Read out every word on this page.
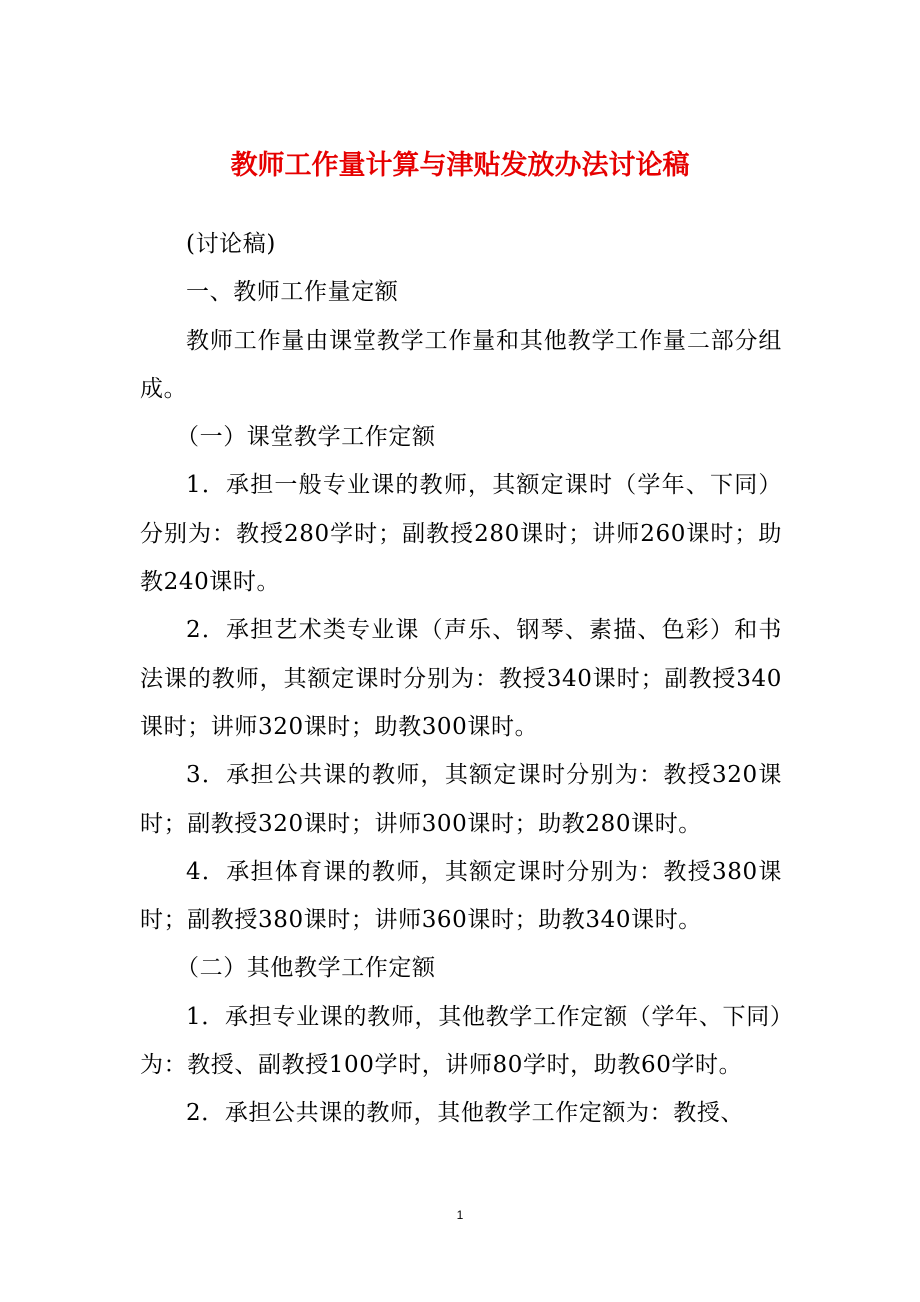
教师工作量计算与津贴发放办法讨论稿

(讨论稿)

一、教师工作量定额

教师工作量由课堂教学工作量和其他教学工作量二部分组成。

（一）课堂教学工作定额

1．承担一般专业课的教师，其额定课时（学年、下同）分别为：教授280学时；副教授280课时；讲师260课时；助教240课时。

2．承担艺术类专业课（声乐、钢琴、素描、色彩）和书法课的教师，其额定课时分别为：教授340课时；副教授340课时；讲师320课时；助教300课时。

3．承担公共课的教师，其额定课时分别为：教授320课时；副教授320课时；讲师300课时；助教280课时。

4．承担体育课的教师，其额定课时分别为：教授380课时；副教授380课时；讲师360课时；助教340课时。

（二）其他教学工作定额

1．承担专业课的教师，其他教学工作定额（学年、下同）为：教授、副教授100学时，讲师80学时，助教60学时。

2．承担公共课的教师，其他教学工作定额为：教授、

1
